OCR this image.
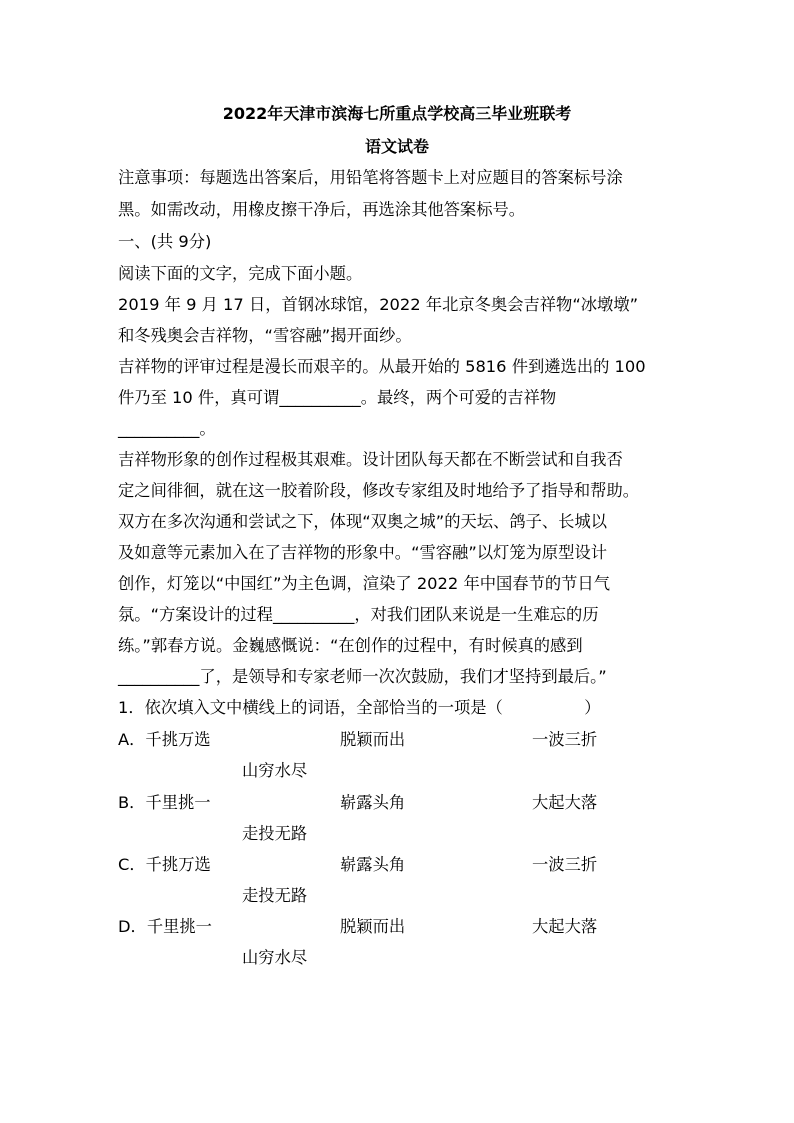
2022年天津市滨海七所重点学校高三毕业班联考
语文试卷
注意事项：每题选出答案后，用铅笔将答题卡上对应题目的答案标号涂
黑。如需改动，用橡皮擦干净后，再选涂其他答案标号。
一、(共 9分)
阅读下面的文字，完成下面小题。
2019 年 9 月 17 日，首钢冰球馆，2022 年北京冬奥会吉祥物“冰墩墩”
和冬残奥会吉祥物，“雪容融”揭开面纱。
吉祥物的评审过程是漫长而艰辛的。从最开始的 5816 件到遴选出的 100
件乃至 10 件，真可谓__________。最终，两个可爱的吉祥物
__________。
吉祥物形象的创作过程极其艰难。设计团队每天都在不断尝试和自我否
定之间徘徊，就在这一胶着阶段，修改专家组及时地给予了指导和帮助。
双方在多次沟通和尝试之下，体现“双奥之城”的天坛、鸽子、长城以
及如意等元素加入在了吉祥物的形象中。“雪容融”以灯笼为原型设计
创作，灯笼以“中国红”为主色调，渲染了 2022 年中国春节的节日气
氛。“方案设计的过程__________，对我们团队来说是一生难忘的历
练。”郭春方说。金巍感慨说：“在创作的过程中，有时候真的感到
__________了，是领导和专家老师一次次鼓励，我们才坚持到最后。”
1．依次填入文中横线上的词语，全部恰当的一项是（　　　　　）
A．千挑万选	脱颖而出	一波三折
山穷水尽
B．千里挑一	崭露头角	大起大落
走投无路
C．千挑万选	崭露头角	一波三折
走投无路
D．千里挑一	脱颖而出	大起大落
山穷水尽
